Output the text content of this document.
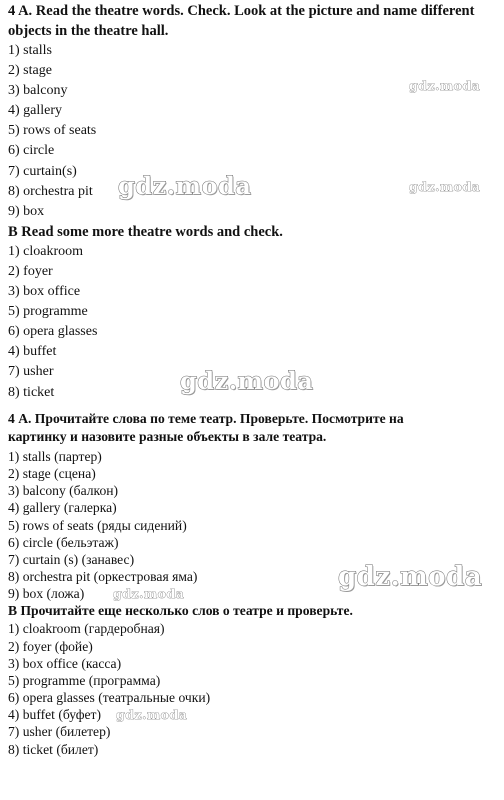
4 A. Read the theatre words. Check. Look at the picture and name different
objects in the theatre hall.
1) stalls
2) stage
3) balcony
4) gallery
5) rows of seats
6) circle
7) curtain(s)
8) orchestra pit
9) box
B Read some more theatre words and check.
1) cloakroom
2) foyer
3) box office
5) programme
6) opera glasses
4) buffet
7) usher
8) ticket
4 А. Прочитайте слова по теме театр. Проверьте. Посмотрите на
картинку и назовите разные объекты в зале театра.
1) stalls (партер)
2) stage (сцена)
3) balcony (балкон)
4) gallery (галерка)
5) rows of seats (ряды сидений)
6) circle (бельэтаж)
7) curtain (s) (занавес)
8) orchestra pit (оркестровая яма)
9) box (ложа)
В Прочитайте еще несколько слов о театре и проверьте.
1) cloakroom (гардеробная)
2) foyer (фойе)
3) box office (касса)
5) programme (программа)
6) opera glasses (театральные очки)
4) buffet (буфет)
7) usher (билетер)
8) ticket (билет)
gdz.moda
gdz.moda	gdz.moda
gdz.moda
gdz.moda
gdz.moda
gdz.moda
